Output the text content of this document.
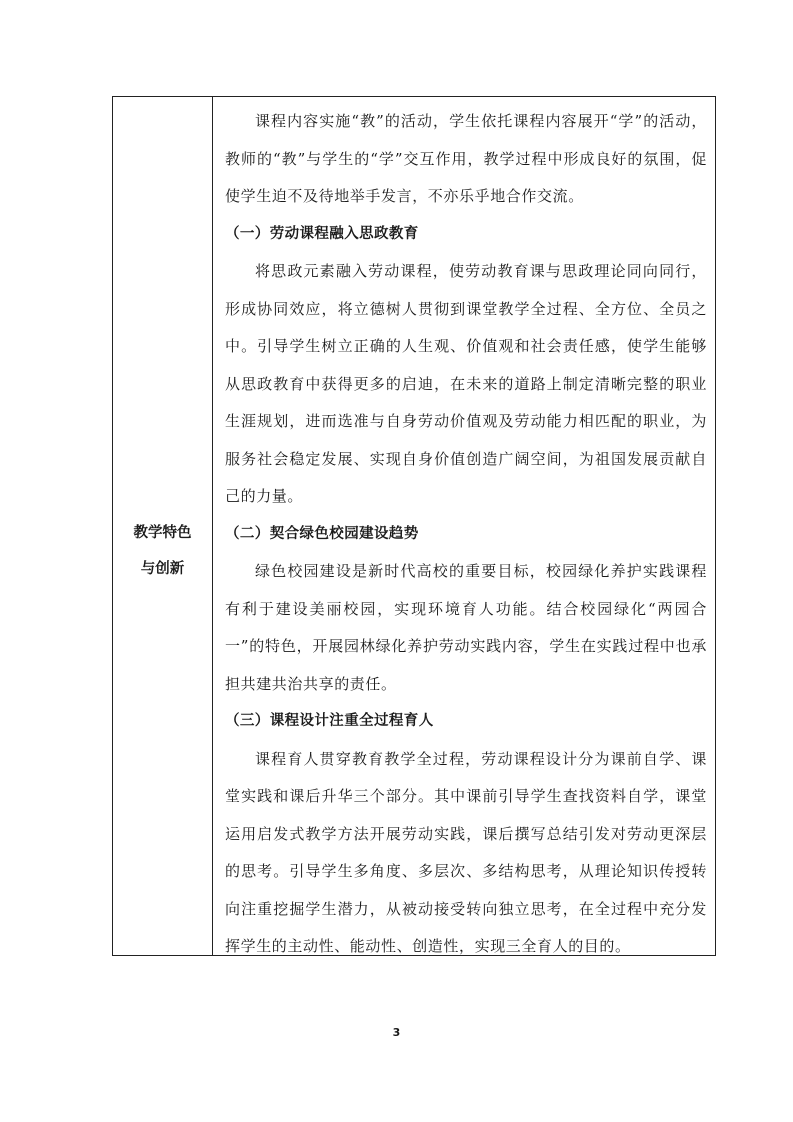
教学特色
与创新

课程内容实施“教”的活动，学生依托课程内容展开“学”的活动，教师的“教”与学生的“学”交互作用，教学过程中形成良好的氛围，促使学生迫不及待地举手发言，不亦乐乎地合作交流。

（一）劳动课程融入思政教育

将思政元素融入劳动课程，使劳动教育课与思政理论同向同行，形成协同效应，将立德树人贯彻到课堂教学全过程、全方位、全员之中。引导学生树立正确的人生观、价值观和社会责任感，使学生能够从思政教育中获得更多的启迪，在未来的道路上制定清晰完整的职业生涯规划，进而选准与自身劳动价值观及劳动能力相匹配的职业，为服务社会稳定发展、实现自身价值创造广阔空间，为祖国发展贡献自己的力量。

（二）契合绿色校园建设趋势

绿色校园建设是新时代高校的重要目标，校园绿化养护实践课程有利于建设美丽校园，实现环境育人功能。结合校园绿化“两园合一”的特色，开展园林绿化养护劳动实践内容，学生在实践过程中也承担共建共治共享的责任。

（三）课程设计注重全过程育人

课程育人贯穿教育教学全过程，劳动课程设计分为课前自学、课堂实践和课后升华三个部分。其中课前引导学生查找资料自学，课堂运用启发式教学方法开展劳动实践，课后撰写总结引发对劳动更深层的思考。引导学生多角度、多层次、多结构思考，从理论知识传授转向注重挖掘学生潜力，从被动接受转向独立思考，在全过程中充分发挥学生的主动性、能动性、创造性，实现三全育人的目的。

3
